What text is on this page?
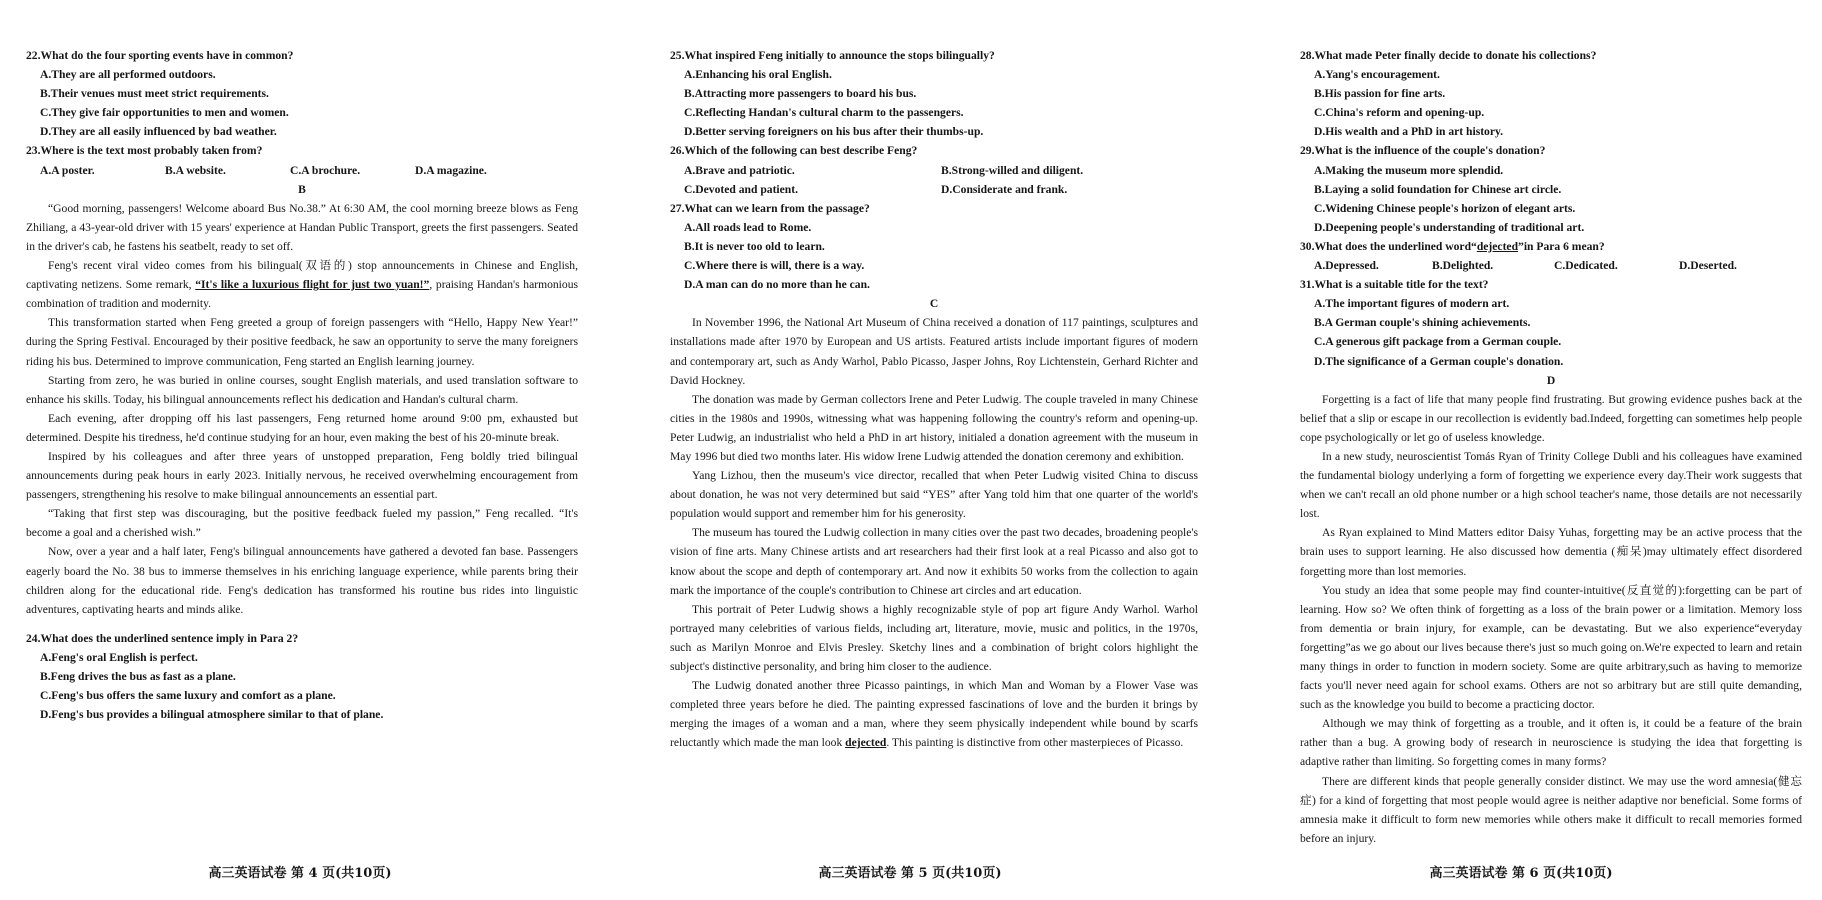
22.What do the four sporting events have in common?

A.They are all performed outdoors.

B.Their venues must meet strict requirements.

C.They give fair opportunities to men and women.

D.They are all easily influenced by bad weather.

23.Where is the text most probably taken from?

A.A poster.	B.A website.	C.A brochure.	D.A magazine.

B

“Good morning, passengers! Welcome aboard Bus No.38.” At 6:30 AM, the cool morning breeze blows as Feng Zhiliang, a 43-year-old driver with 15 years' experience at Handan Public Transport, greets the first passengers. Seated in the driver's cab, he fastens his seatbelt, ready to set off.

Feng's recent viral video comes from his bilingual(双语的) stop announcements in Chinese and English, captivating netizens. Some remark, “It's like a luxurious flight for just two yuan!”, praising Handan's harmonious combination of tradition and modernity.

This transformation started when Feng greeted a group of foreign passengers with “Hello, Happy New Year!” during the Spring Festival. Encouraged by their positive feedback, he saw an opportunity to serve the many foreigners riding his bus. Determined to improve communication, Feng started an English learning journey.

Starting from zero, he was buried in online courses, sought English materials, and used translation software to enhance his skills. Today, his bilingual announcements reflect his dedication and Handan's cultural charm.

Each evening, after dropping off his last passengers, Feng returned home around 9:00 pm, exhausted but determined. Despite his tiredness, he'd continue studying for an hour, even making the best of his 20-minute break.

Inspired by his colleagues and after three years of unstopped preparation, Feng boldly tried bilingual announcements during peak hours in early 2023. Initially nervous, he received overwhelming encouragement from passengers, strengthening his resolve to make bilingual announcements an essential part.

“Taking that first step was discouraging, but the positive feedback fueled my passion,” Feng recalled. “It's become a goal and a cherished wish.”

Now, over a year and a half later, Feng's bilingual announcements have gathered a devoted fan base. Passengers eagerly board the No. 38 bus to immerse themselves in his enriching language experience, while parents bring their children along for the educational ride. Feng's dedication has transformed his routine bus rides into linguistic adventures, captivating hearts and minds alike.

24.What does the underlined sentence imply in Para 2?

A.Feng's oral English is perfect.

B.Feng drives the bus as fast as a plane.

C.Feng's bus offers the same luxury and comfort as a plane.

D.Feng's bus provides a bilingual atmosphere similar to that of plane.

高三英语试卷 第 4 页(共10页)

25.What inspired Feng initially to announce the stops bilingually?

A.Enhancing his oral English.

B.Attracting more passengers to board his bus.

C.Reflecting Handan's cultural charm to the passengers.

D.Better serving foreigners on his bus after their thumbs-up.

26.Which of the following can best describe Feng?

A.Brave and patriotic.	B.Strong-willed and diligent.
C.Devoted and patient.	D.Considerate and frank.

27.What can we learn from the passage?

A.All roads lead to Rome.

B.It is never too old to learn.

C.Where there is will, there is a way.

D.A man can do no more than he can.

C

In November 1996, the National Art Museum of China received a donation of 117 paintings, sculptures and installations made after 1970 by European and US artists. Featured artists include important figures of modern and contemporary art, such as Andy Warhol, Pablo Picasso, Jasper Johns, Roy Lichtenstein, Gerhard Richter and David Hockney.

The donation was made by German collectors Irene and Peter Ludwig. The couple traveled in many Chinese cities in the 1980s and 1990s, witnessing what was happening following the country's reform and opening-up. Peter Ludwig, an industrialist who held a PhD in art history, initialed a donation agreement with the museum in May 1996 but died two months later. His widow Irene Ludwig attended the donation ceremony and exhibition.

Yang Lizhou, then the museum's vice director, recalled that when Peter Ludwig visited China to discuss about donation, he was not very determined but said “YES” after Yang told him that one quarter of the world's population would support and remember him for his generosity.

The museum has toured the Ludwig collection in many cities over the past two decades, broadening people's vision of fine arts. Many Chinese artists and art researchers had their first look at a real Picasso and also got to know about the scope and depth of contemporary art. And now it exhibits 50 works from the collection to again mark the importance of the couple's contribution to Chinese art circles and art education.

This portrait of Peter Ludwig shows a highly recognizable style of pop art figure Andy Warhol. Warhol portrayed many celebrities of various fields, including art, literature, movie, music and politics, in the 1970s, such as Marilyn Monroe and Elvis Presley. Sketchy lines and a combination of bright colors highlight the subject's distinctive personality, and bring him closer to the audience.

The Ludwig donated another three Picasso paintings, in which Man and Woman by a Flower Vase was completed three years before he died. The painting expressed fascinations of love and the burden it brings by merging the images of a woman and a man, where they seem physically independent while bound by scarfs reluctantly which made the man look dejected. This painting is distinctive from other masterpieces of Picasso.

高三英语试卷 第 5 页(共10页)

28.What made Peter finally decide to donate his collections?

A.Yang's encouragement.

B.His passion for fine arts.

C.China's reform and opening-up.

D.His wealth and a PhD in art history.

29.What is the influence of the couple's donation?

A.Making the museum more splendid.

B.Laying a solid foundation for Chinese art circle.

C.Widening Chinese people's horizon of elegant arts.

D.Deepening people's understanding of traditional art.

30.What does the underlined word“dejected”in Para 6 mean?

A.Depressed.	B.Delighted.	C.Dedicated.	D.Deserted.

31.What is a suitable title for the text?

A.The important figures of modern art.

B.A German couple's shining achievements.

C.A generous gift package from a German couple.

D.The significance of a German couple's donation.

D

Forgetting is a fact of life that many people find frustrating. But growing evidence pushes back at the belief that a slip or escape in our recollection is evidently bad.Indeed, forgetting can sometimes help people cope psychologically or let go of useless knowledge.

In a new study, neuroscientist Tomás Ryan of Trinity College Dubli and his colleagues have examined the fundamental biology underlying a form of forgetting we experience every day.Their work suggests that when we can't recall an old phone number or a high school teacher's name, those details are not necessarily lost.

As Ryan explained to Mind Matters editor Daisy Yuhas, forgetting may be an active process that the brain uses to support learning. He also discussed how dementia (痴呆)may ultimately effect disordered forgetting more than lost memories.

You study an idea that some people may find counter-intuitive(反直觉的):forgetting can be part of learning. How so? We often think of forgetting as a loss of the brain power or a limitation. Memory loss from dementia or brain injury, for example, can be devastating. But we also experience“everyday forgetting”as we go about our lives because there's just so much going on.We're expected to learn and retain many things in order to function in modern society. Some are quite arbitrary,such as having to memorize facts you'll never need again for school exams. Others are not so arbitrary but are still quite demanding, such as the knowledge you build to become a practicing doctor.

Although we may think of forgetting as a trouble, and it often is, it could be a feature of the brain rather than a bug. A growing body of research in neuroscience is studying the idea that forgetting is adaptive rather than limiting. So forgetting comes in many forms?

There are different kinds that people generally consider distinct. We may use the word amnesia(健忘症) for a kind of forgetting that most people would agree is neither adaptive nor beneficial. Some forms of amnesia make it difficult to form new memories while others make it difficult to recall memories formed before an injury.

高三英语试卷 第 6 页(共10页)
